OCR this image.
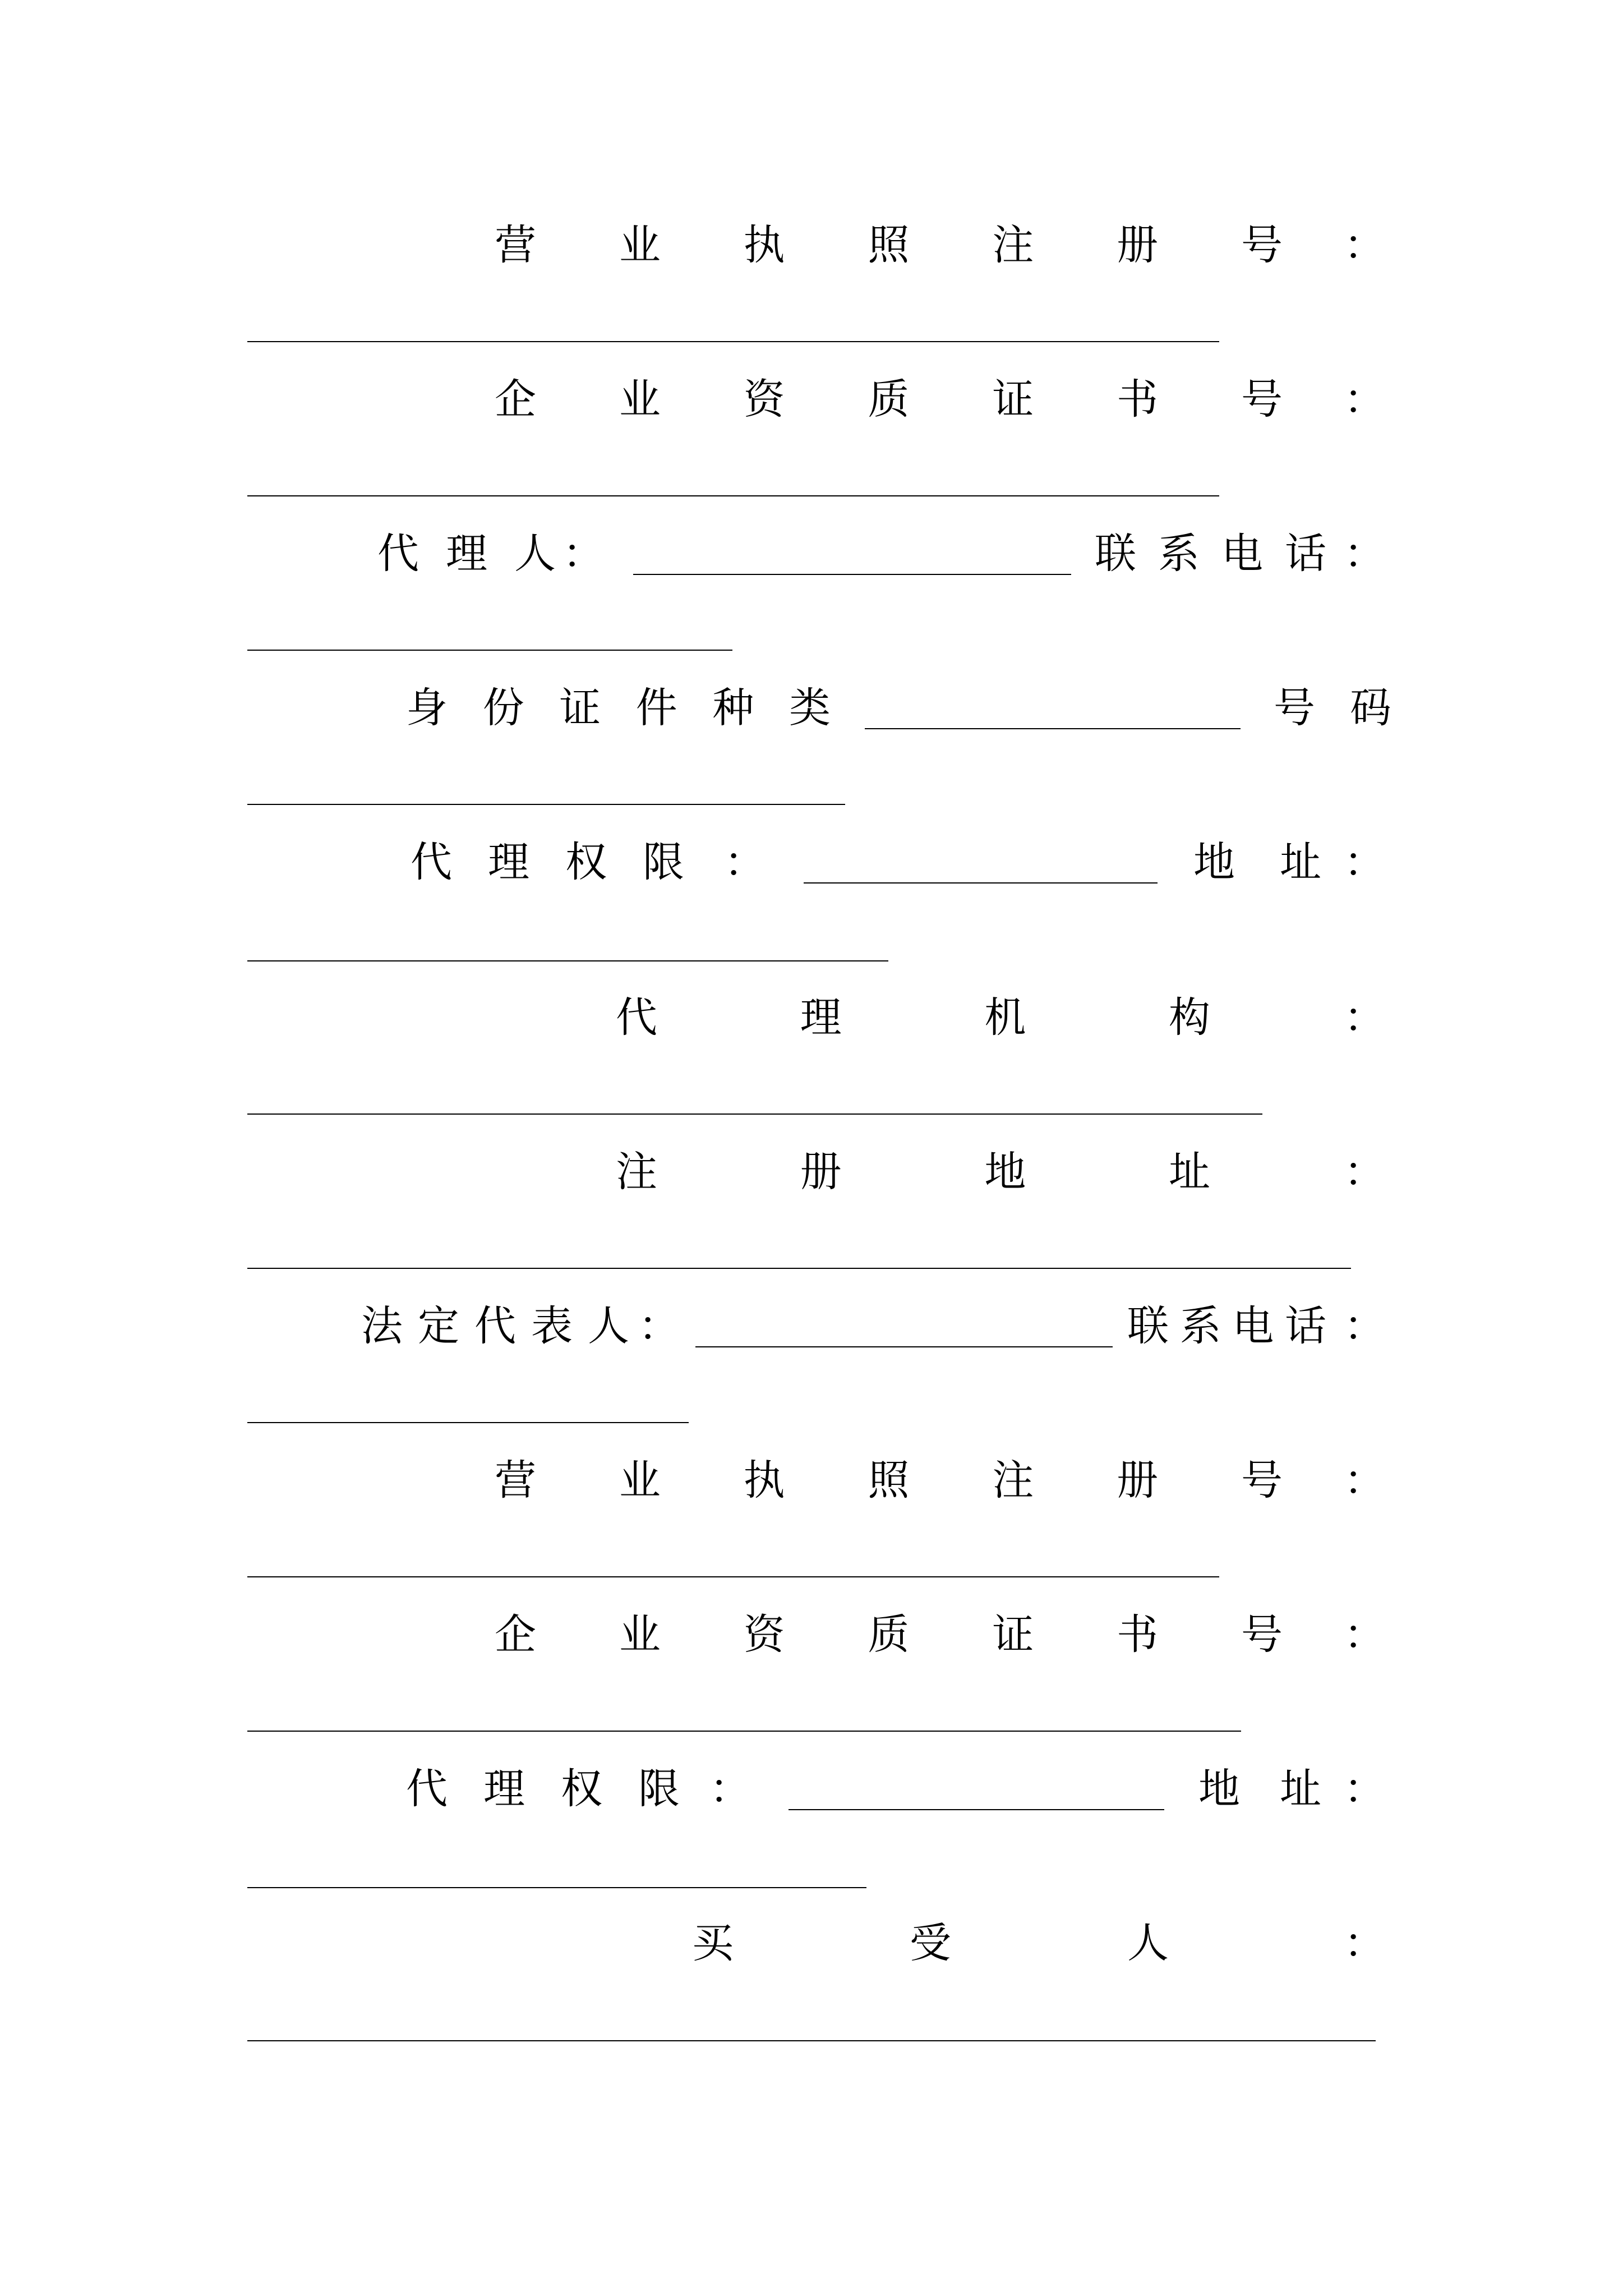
营 业 执 照 注 册 号 ：
企 业 资 质 证 书 号 ：
代 理 人 ：	联 系 电 话 ：
身 份 证 件 种 类	号 码
代 理 权 限 ：	地 址 ：
代	理	机	构	：
注	册	地	址	：
法 定 代 表 人 ：	联 系 电 话 ：
营 业 执 照 注 册 号 ：
企 业 资 质 证 书 号 ：
代 理 权 限 ：	地 址 ：
买	受	人	：
